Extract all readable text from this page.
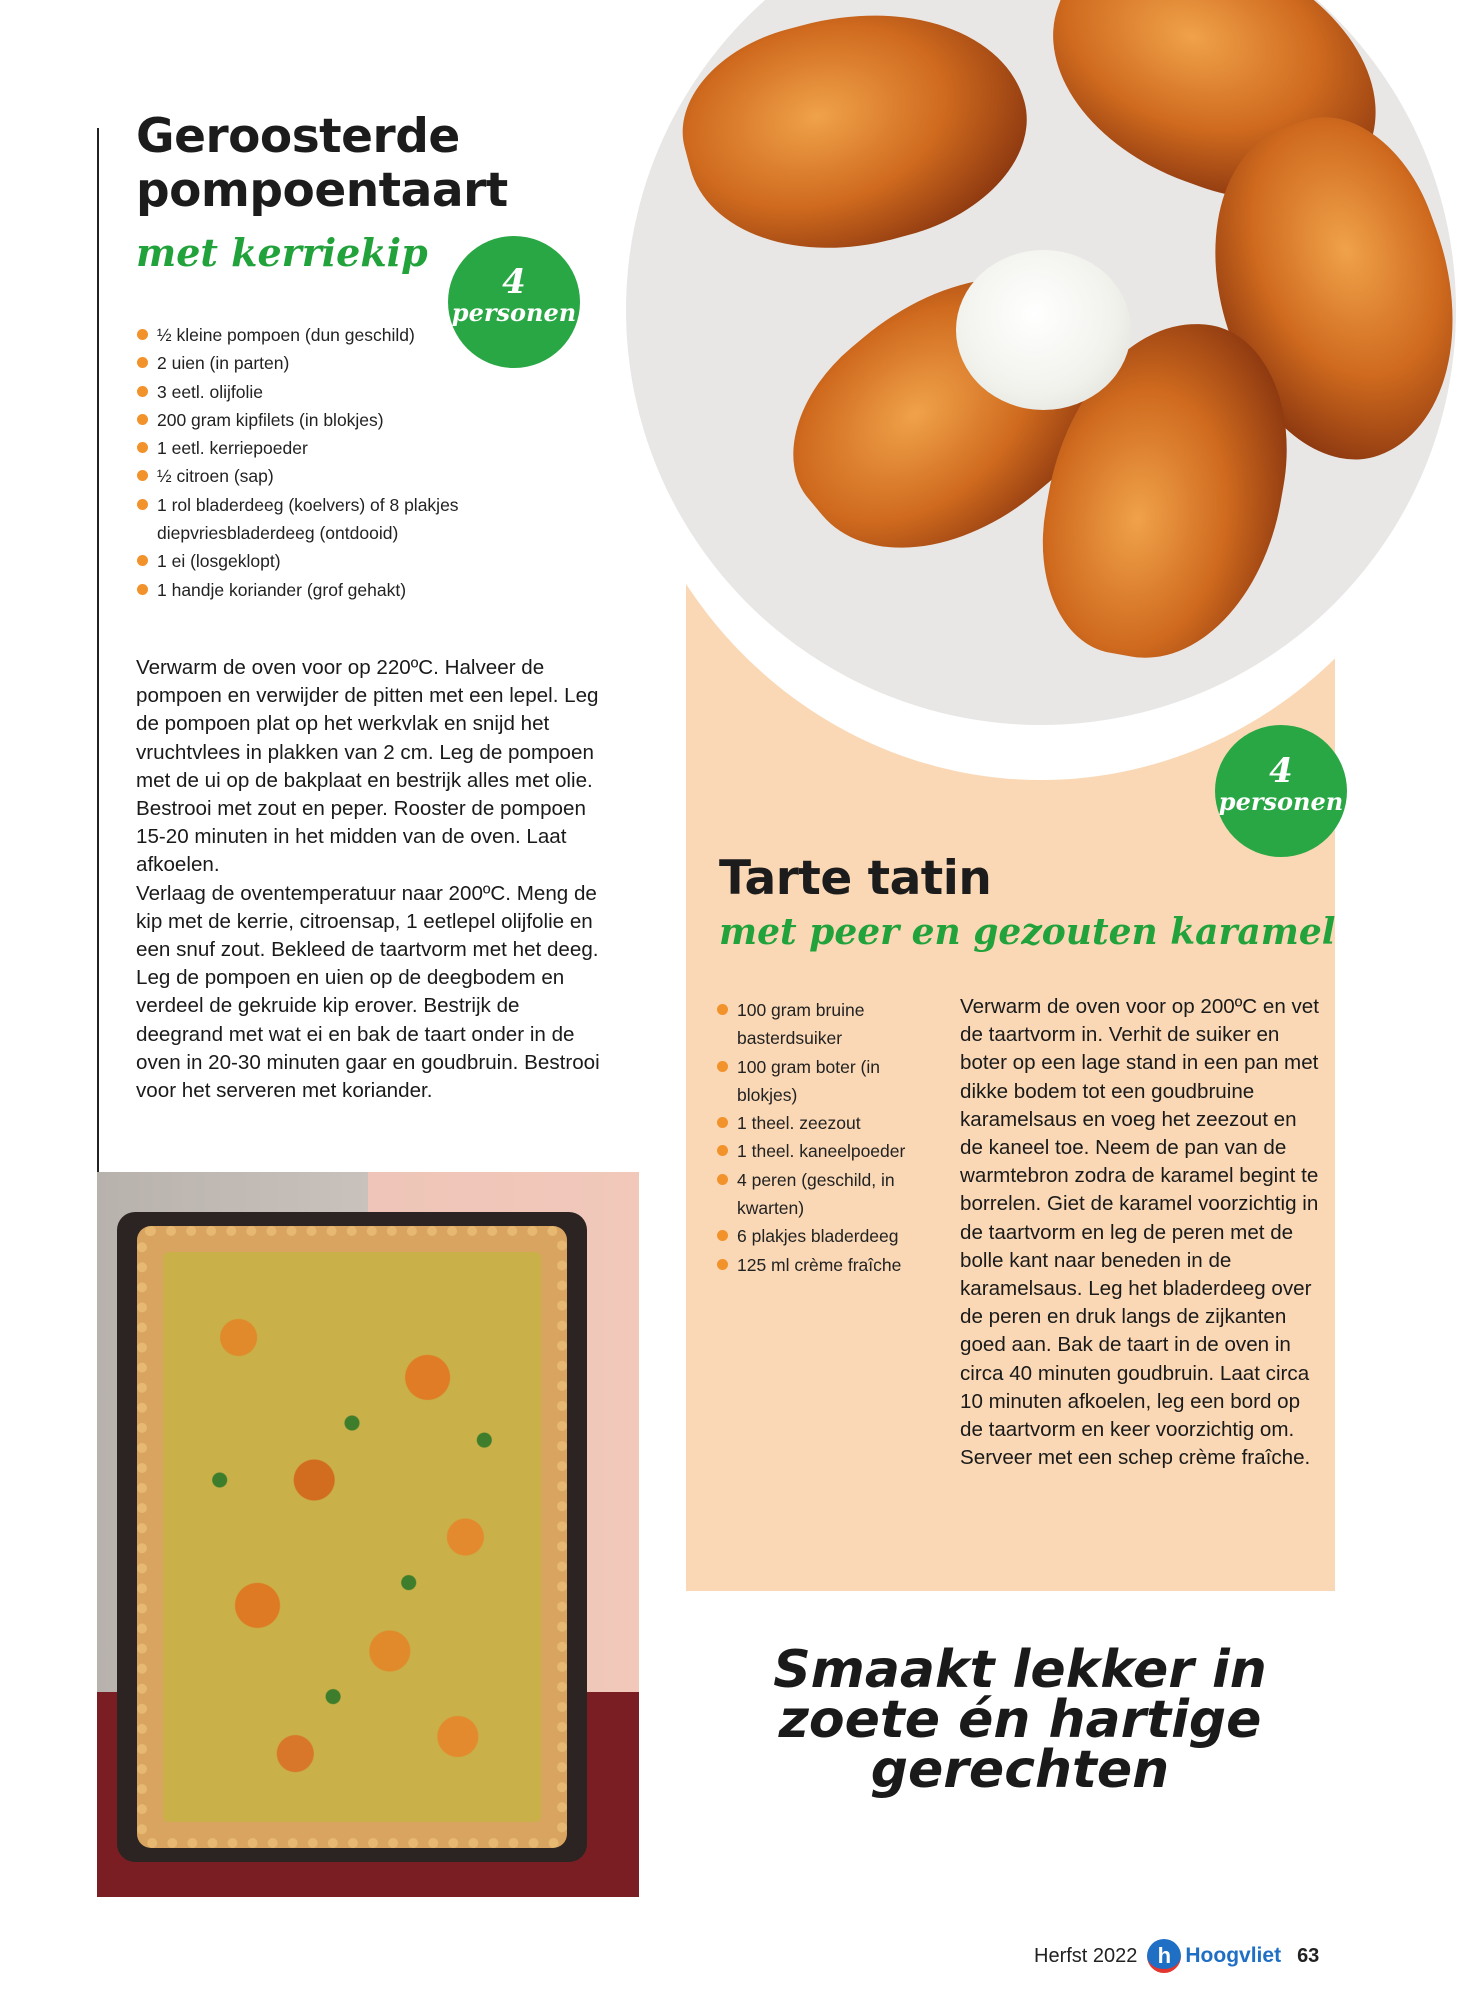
Geroosterde pompoentaart
met kerriekip
4
personen
½ kleine pompoen (dun geschild)
2 uien (in parten)
3 eetl. olijfolie
200 gram kipfilets (in blokjes)
1 eetl. kerriepoeder
½ citroen (sap)
1 rol bladerdeeg (koelvers) of 8 plakjes diepvriesbladerdeeg (ontdooid)
1 ei (losgeklopt)
1 handje koriander (grof gehakt)

Verwarm de oven voor op 220ºC. Halveer de pompoen en verwijder de pitten met een lepel. Leg de pompoen plat op het werkvlak en snijd het vruchtvlees in plakken van 2 cm. Leg de pompoen met de ui op de bakplaat en bestrijk alles met olie. Bestrooi met zout en peper. Rooster de pompoen 15-20 minuten in het midden van de oven. Laat afkoelen.
Verlaag de oventemperatuur naar 200ºC. Meng de kip met de kerrie, citroensap, 1 eetlepel olijfolie en een snuf zout. Bekleed de taartvorm met het deeg. Leg de pompoen en uien op de deegbodem en verdeel de gekruide kip erover. Bestrijk de deegrand met wat ei en bak de taart onder in de oven in 20-30 minuten gaar en goudbruin. Bestrooi voor het serveren met koriander.

4
personen
Tarte tatin
met peer en gezouten karamel
100 gram bruine basterdsuiker
100 gram boter (in blokjes)
1 theel. zeezout
1 theel. kaneelpoeder
4 peren (geschild, in kwarten)
6 plakjes bladerdeeg
125 ml crème fraîche

Verwarm de oven voor op 200ºC en vet de taartvorm in. Verhit de suiker en boter op een lage stand in een pan met dikke bodem tot een goudbruine karamelsaus en voeg het zeezout en de kaneel toe. Neem de pan van de warmtebron zodra de karamel begint te borrelen. Giet de karamel voorzichtig in de taartvorm en leg de peren met de bolle kant naar beneden in de karamelsaus. Leg het bladerdeeg over de peren en druk langs de zijkanten goed aan. Bak de taart in de oven in circa 40 minuten goudbruin. Laat circa 10 minuten afkoelen, leg een bord op de taartvorm en keer voorzichtig om. Serveer met een schep crème fraîche.

Smaakt lekker in zoete én hartige gerechten
Herfst 2022 h Hoogvliet 63
